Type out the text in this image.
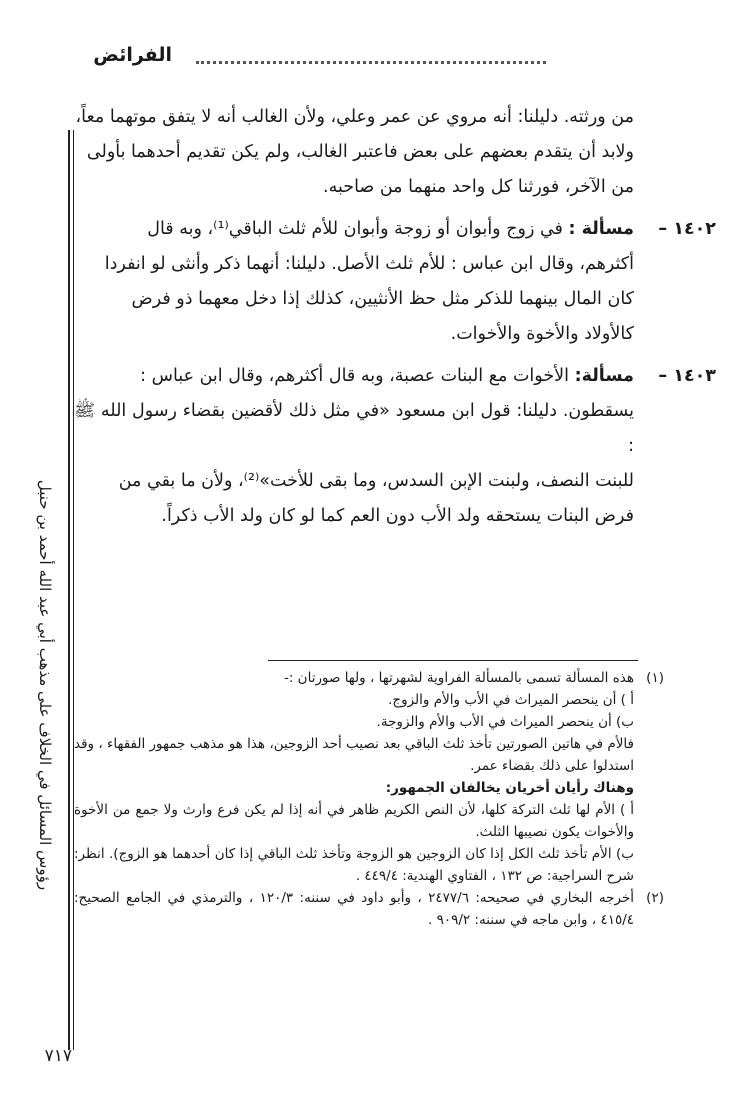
الفرائض
رؤوس المسائل في الخلاف على مذهب أبي عبد الله أحمد بن حنبل

من ورثته. دليلنا: أنه مروي عن عمر وعلي، ولأن الغالب أنه لا يتفق موتهما معاً،

ولابد أن يتقدم بعضهم على بعض فاعتبر الغالب، ولم يكن تقديم أحدهما بأولى

من الآخر، فورثنا كل واحد منهما من صاحبه.

١٤٠٢ –
مسألة : في زوج وأبوان أو زوجة وأبوان للأم ثلث الباقي⁽¹⁾، وبه قال

أكثرهم، وقال ابن عباس : للأم ثلث الأصل. دليلنا: أنهما ذكر وأنثى لو انفردا

كان المال بينهما للذكر مثل حظ الأنثيين، كذلك إذا دخل معهما ذو فرض

كالأولاد والأخوة والأخوات.

١٤٠٣ –
مسألة: الأخوات مع البنات عصبة، وبه قال أكثرهم، وقال ابن عباس :

يسقطون. دليلنا: قول ابن مسعود «في مثل ذلك لأقضين بقضاء رسول الله ﷺ :

للبنت النصف، ولبنت الإبن السدس، وما بقى للأخت»⁽²⁾، ولأن ما بقي من

فرض البنات يستحقه ولد الأب دون العم كما لو كان ولد الأب ذكراً.

(١)
هذه المسألة تسمى بالمسألة الفراوية لشهرتها ، ولها صورتان :-

أ ) أن ينحصر الميراث في الأب والأم والزوج.

ب) أن ينحصر الميراث في الأب والأم والزوجة.

فالأم في هاتين الصورتين تأخذ ثلث الباقي بعد نصيب أحد الزوجين، هذا هو مذهب جمهور الفقهاء ، وقد استدلوا على ذلك بقضاء عمر.

وهناك رأيان أخريان يخالفان الجمهور:

أ ) الأم لها ثلث التركة كلها، لأن النص الكريم ظاهر في أنه إذا لم يكن فرع وارث ولا جمع من الأخوة والأخوات يكون نصيبها الثلث.

ب) الأم تأخذ ثلث الكل إذا كان الزوجين هو الزوجة وتأخذ ثلث الباقي إذا كان أحدهما هو الزوج). انظر: شرح السراجية: ص ١٣٢ ، الفتاوي الهندية: ٤٤٩/٤ .

(٢)
أخرجه البخاري في صحيحه: ٢٤٧٧/٦ ، وأبو داود في سننه: ١٢٠/٣ ، والترمذي في الجامع الصحيح: ٤١٥/٤ ، وابن ماجه في سننه: ٩٠٩/٢ .

٧١٧
